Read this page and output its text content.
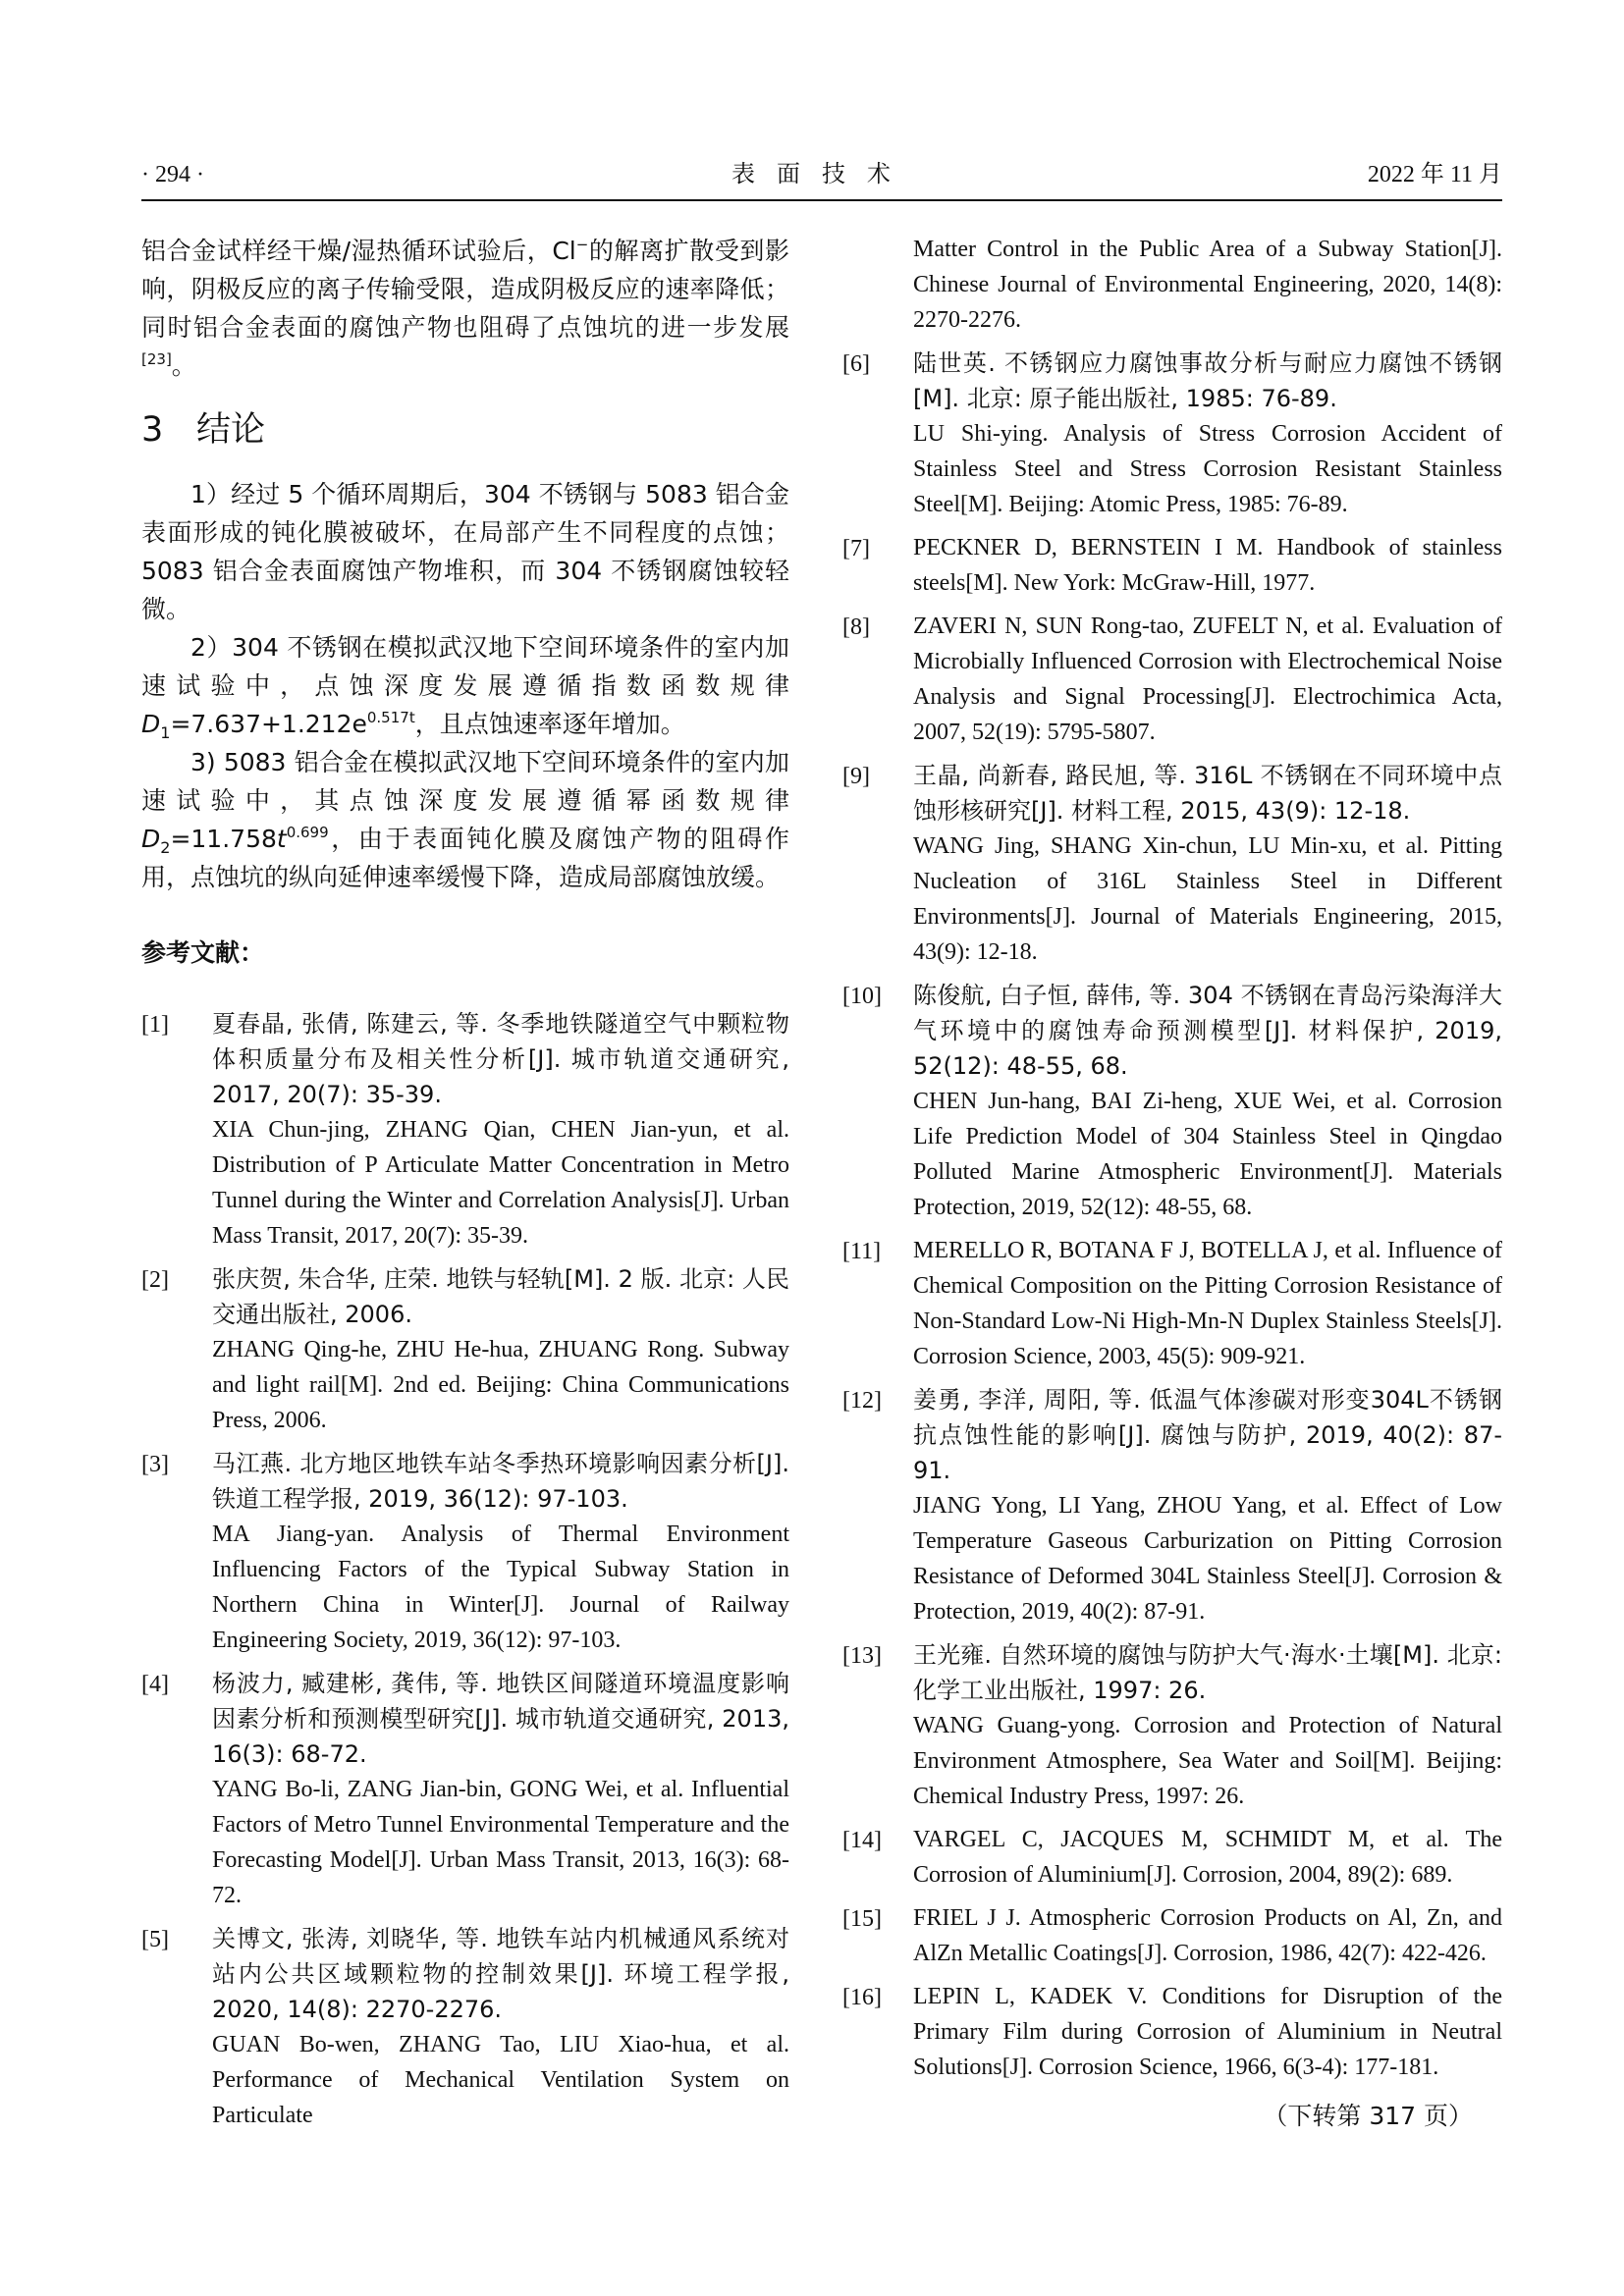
· 294 ·	表面技术	2022 年 11 月

铝合金试样经干燥/湿热循环试验后，Cl−的解离扩散受到影响，阴极反应的离子传输受限，造成阴极反应的速率降低；同时铝合金表面的腐蚀产物也阻碍了点蚀坑的进一步发展[23]。

3 结论

1）经过 5 个循环周期后，304 不锈钢与 5083 铝合金表面形成的钝化膜被破坏，在局部产生不同程度的点蚀；5083 铝合金表面腐蚀产物堆积，而 304 不锈钢腐蚀较轻微。

2）304 不锈钢在模拟武汉地下空间环境条件的室内加速试验中，点蚀深度发展遵循指数函数规律 $D_1=7.637+1.212e^{0.517t}$，且点蚀速率逐年增加。

3) 5083 铝合金在模拟武汉地下空间环境条件的室内加速试验中，其点蚀深度发展遵循幂函数规律 $D_2=11.758t^{0.699}$，由于表面钝化膜及腐蚀产物的阻碍作用，点蚀坑的纵向延伸速率缓慢下降，造成局部腐蚀放缓。

参考文献：
[1] 夏春晶, 张倩, 陈建云, 等. 冬季地铁隧道空气中颗粒物体积质量分布及相关性分析[J]. 城市轨道交通研究, 2017, 20(7): 35-39.
XIA Chun-jing, ZHANG Qian, CHEN Jian-yun, et al. Distribution of P Articulate Matter Concentration in Metro Tunnel during the Winter and Correlation Analysis[J]. Urban Mass Transit, 2017, 20(7): 35-39.
[2] 张庆贺, 朱合华, 庄荣. 地铁与轻轨[M]. 2 版. 北京: 人民交通出版社, 2006.
ZHANG Qing-he, ZHU He-hua, ZHUANG Rong. Subway and light rail[M]. 2nd ed. Beijing: China Communications Press, 2006.
[3] 马江燕. 北方地区地铁车站冬季热环境影响因素分析[J]. 铁道工程学报, 2019, 36(12): 97-103.
MA Jiang-yan. Analysis of Thermal Environment Influencing Factors of the Typical Subway Station in Northern China in Winter[J]. Journal of Railway Engineering Society, 2019, 36(12): 97-103.
[4] 杨波力, 臧建彬, 龚伟, 等. 地铁区间隧道环境温度影响因素分析和预测模型研究[J]. 城市轨道交通研究, 2013, 16(3): 68-72.
YANG Bo-li, ZANG Jian-bin, GONG Wei, et al. Influential Factors of Metro Tunnel Environmental Temperature and the Forecasting Model[J]. Urban Mass Transit, 2013, 16(3): 68-72.
[5] 关博文, 张涛, 刘晓华, 等. 地铁车站内机械通风系统对站内公共区域颗粒物的控制效果[J]. 环境工程学报, 2020, 14(8): 2270-2276.
GUAN Bo-wen, ZHANG Tao, LIU Xiao-hua, et al. Performance of Mechanical Ventilation System on Particulate
Matter Control in the Public Area of a Subway Station[J]. Chinese Journal of Environmental Engineering, 2020, 14(8): 2270-2276.
[6] 陆世英. 不锈钢应力腐蚀事故分析与耐应力腐蚀不锈钢[M]. 北京: 原子能出版社, 1985: 76-89.
LU Shi-ying. Analysis of Stress Corrosion Accident of Stainless Steel and Stress Corrosion Resistant Stainless Steel[M]. Beijing: Atomic Press, 1985: 76-89.
[7] PECKNER D, BERNSTEIN I M. Handbook of stainless steels[M]. New York: McGraw-Hill, 1977.
[8] ZAVERI N, SUN Rong-tao, ZUFELT N, et al. Evaluation of Microbially Influenced Corrosion with Electrochemical Noise Analysis and Signal Processing[J]. Electrochimica Acta, 2007, 52(19): 5795-5807.
[9] 王晶, 尚新春, 路民旭, 等. 316L 不锈钢在不同环境中点蚀形核研究[J]. 材料工程, 2015, 43(9): 12-18.
WANG Jing, SHANG Xin-chun, LU Min-xu, et al. Pitting Nucleation of 316L Stainless Steel in Different Environments[J]. Journal of Materials Engineering, 2015, 43(9): 12-18.
[10] 陈俊航, 白子恒, 薛伟, 等. 304 不锈钢在青岛污染海洋大气环境中的腐蚀寿命预测模型[J]. 材料保护, 2019, 52(12): 48-55, 68.
CHEN Jun-hang, BAI Zi-heng, XUE Wei, et al. Corrosion Life Prediction Model of 304 Stainless Steel in Qingdao Polluted Marine Atmospheric Environment[J]. Materials Protection, 2019, 52(12): 48-55, 68.
[11] MERELLO R, BOTANA F J, BOTELLA J, et al. Influence of Chemical Composition on the Pitting Corrosion Resistance of Non-Standard Low-Ni High-Mn-N Duplex Stainless Steels[J]. Corrosion Science, 2003, 45(5): 909-921.
[12] 姜勇, 李洋, 周阳, 等. 低温气体渗碳对形变304L不锈钢抗点蚀性能的影响[J]. 腐蚀与防护, 2019, 40(2): 87-91.
JIANG Yong, LI Yang, ZHOU Yang, et al. Effect of Low Temperature Gaseous Carburization on Pitting Corrosion Resistance of Deformed 304L Stainless Steel[J]. Corrosion & Protection, 2019, 40(2): 87-91.
[13] 王光雍. 自然环境的腐蚀与防护大气·海水·土壤[M]. 北京: 化学工业出版社, 1997: 26.
WANG Guang-yong. Corrosion and Protection of Natural Environment Atmosphere, Sea Water and Soil[M]. Beijing: Chemical Industry Press, 1997: 26.
[14] VARGEL C, JACQUES M, SCHMIDT M, et al. The Corrosion of Aluminium[J]. Corrosion, 2004, 89(2): 689.
[15] FRIEL J J. Atmospheric Corrosion Products on Al, Zn, and AlZn Metallic Coatings[J]. Corrosion, 1986, 42(7): 422-426.
[16] LEPIN L, KADEK V. Conditions for Disruption of the Primary Film during Corrosion of Aluminium in Neutral Solutions[J]. Corrosion Science, 1966, 6(3-4): 177-181.
（下转第 317 页）
